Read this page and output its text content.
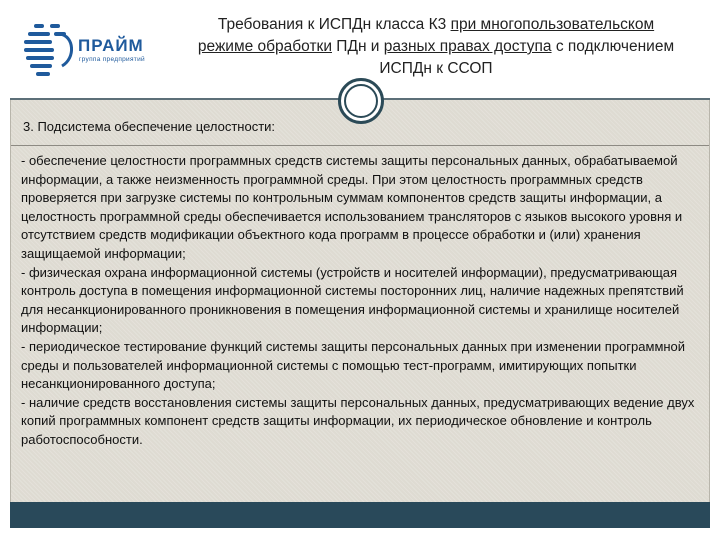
ПРАЙМ
группа предприятий
Требования к ИСПДн класса К3 при многопользовательском
режиме обработки ПДн и разных правах доступа с подключением
ИСПДн к ССОП
3. Подсистема обеспечение целостности:

- обеспечение целостности программных средств системы защиты персональных данных, обрабатываемой информации, а также неизменность программной среды. При этом целостность программных средств проверяется при загрузке системы по контрольным суммам компонентов средств защиты информации, а целостность программной среды обеспечивается использованием трансляторов с языков высокого уровня и отсутствием средств модификации объектного кода программ в процессе обработки и (или) хранения защищаемой информации;

- физическая охрана информационной системы (устройств и носителей информации), предусматривающая контроль доступа в помещения информационной системы посторонних лиц, наличие надежных препятствий для несанкционированного проникновения в помещения информационной системы и хранилище носителей информации;

- периодическое тестирование функций системы защиты персональных данных при изменении программной среды и пользователей информационной системы с помощью тест-программ, имитирующих попытки несанкционированного доступа;

- наличие средств восстановления системы защиты персональных данных, предусматривающих ведение двух копий программных компонент средств защиты информации, их периодическое обновление и контроль работоспособности.
